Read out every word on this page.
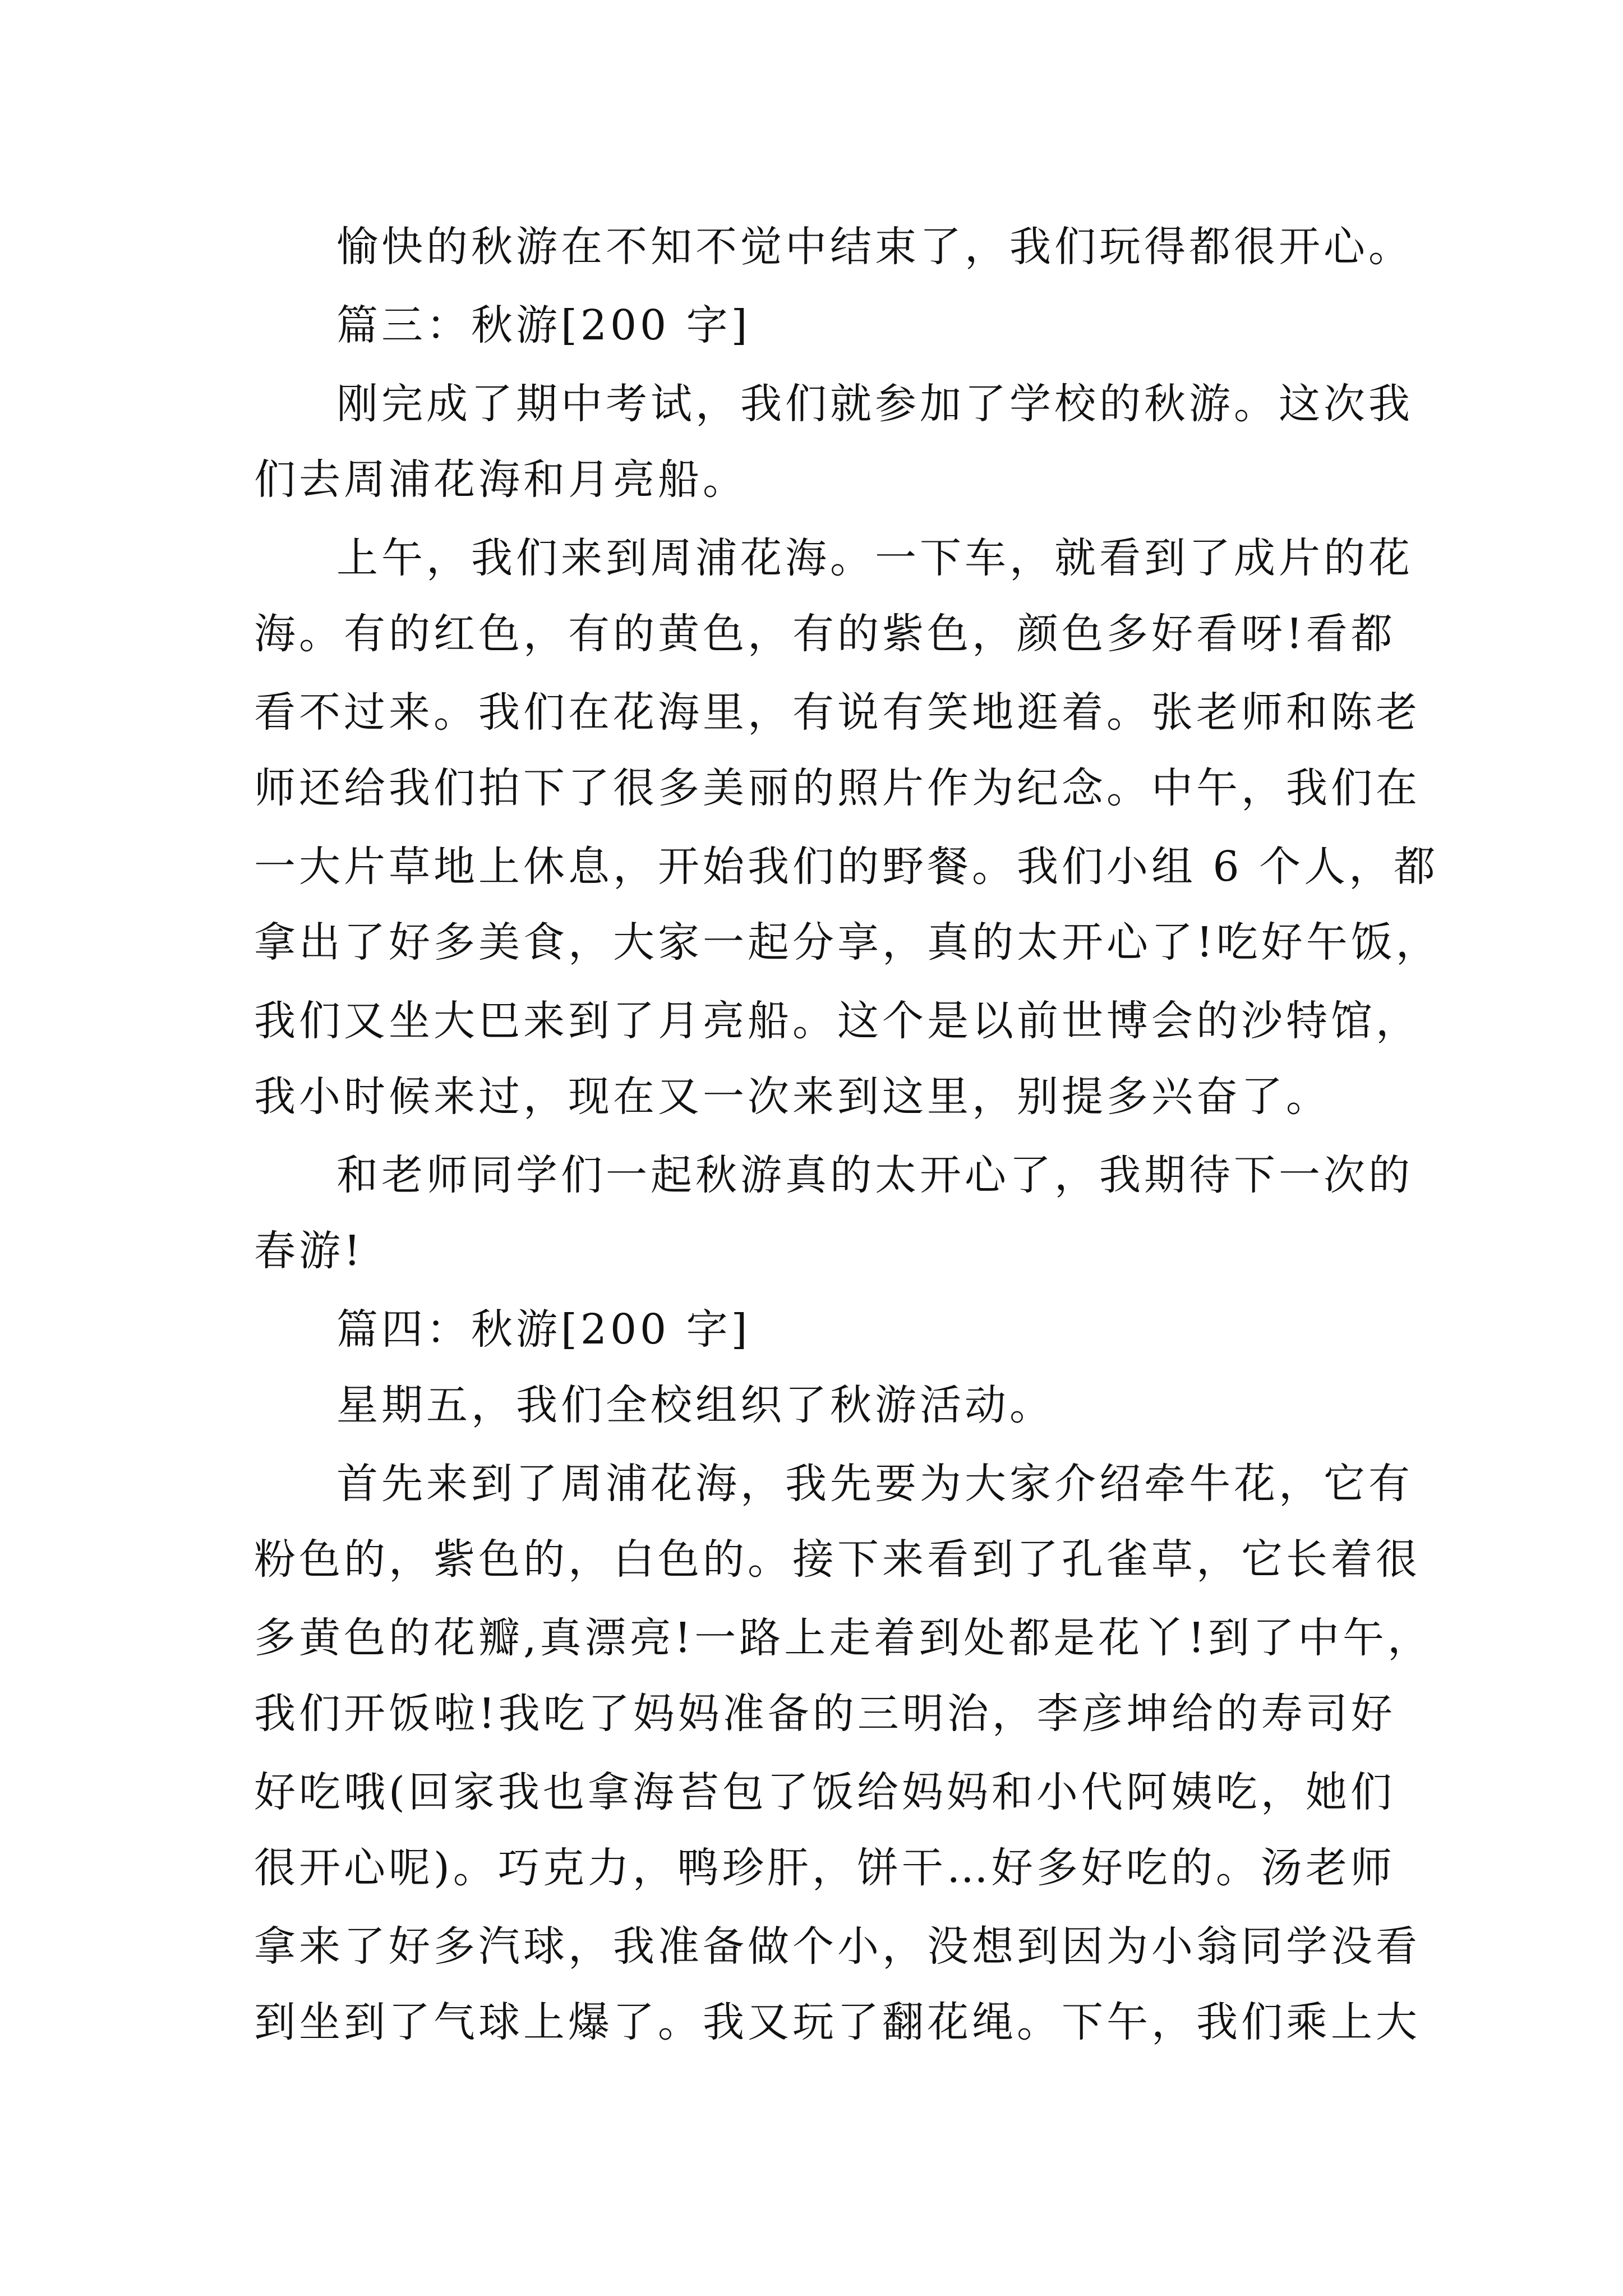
愉快的秋游在不知不觉中结束了，我们玩得都很开心。
篇三：秋游[200 字]
刚完成了期中考试，我们就参加了学校的秋游。这次我
们去周浦花海和月亮船。
上午，我们来到周浦花海。一下车，就看到了成片的花
海。有的红色，有的黄色，有的紫色，颜色多好看呀!看都
看不过来。我们在花海里，有说有笑地逛着。张老师和陈老
师还给我们拍下了很多美丽的照片作为纪念。中午，我们在
一大片草地上休息，开始我们的野餐。我们小组 6 个人，都
拿出了好多美食，大家一起分享，真的太开心了!吃好午饭，
我们又坐大巴来到了月亮船。这个是以前世博会的沙特馆，
我小时候来过，现在又一次来到这里，别提多兴奋了。
和老师同学们一起秋游真的太开心了，我期待下一次的
春游!
篇四：秋游[200 字]
星期五，我们全校组织了秋游活动。
首先来到了周浦花海，我先要为大家介绍牵牛花，它有
粉色的，紫色的，白色的。接下来看到了孔雀草，它长着很
多黄色的花瓣,真漂亮!一路上走着到处都是花丫!到了中午，
我们开饭啦!我吃了妈妈准备的三明治，李彦坤给的寿司好
好吃哦(回家我也拿海苔包了饭给妈妈和小代阿姨吃，她们
很开心呢)。巧克力，鸭珍肝，饼干…好多好吃的。汤老师
拿来了好多汽球，我准备做个小，没想到因为小翁同学没看
到坐到了气球上爆了。我又玩了翻花绳。下午，我们乘上大
